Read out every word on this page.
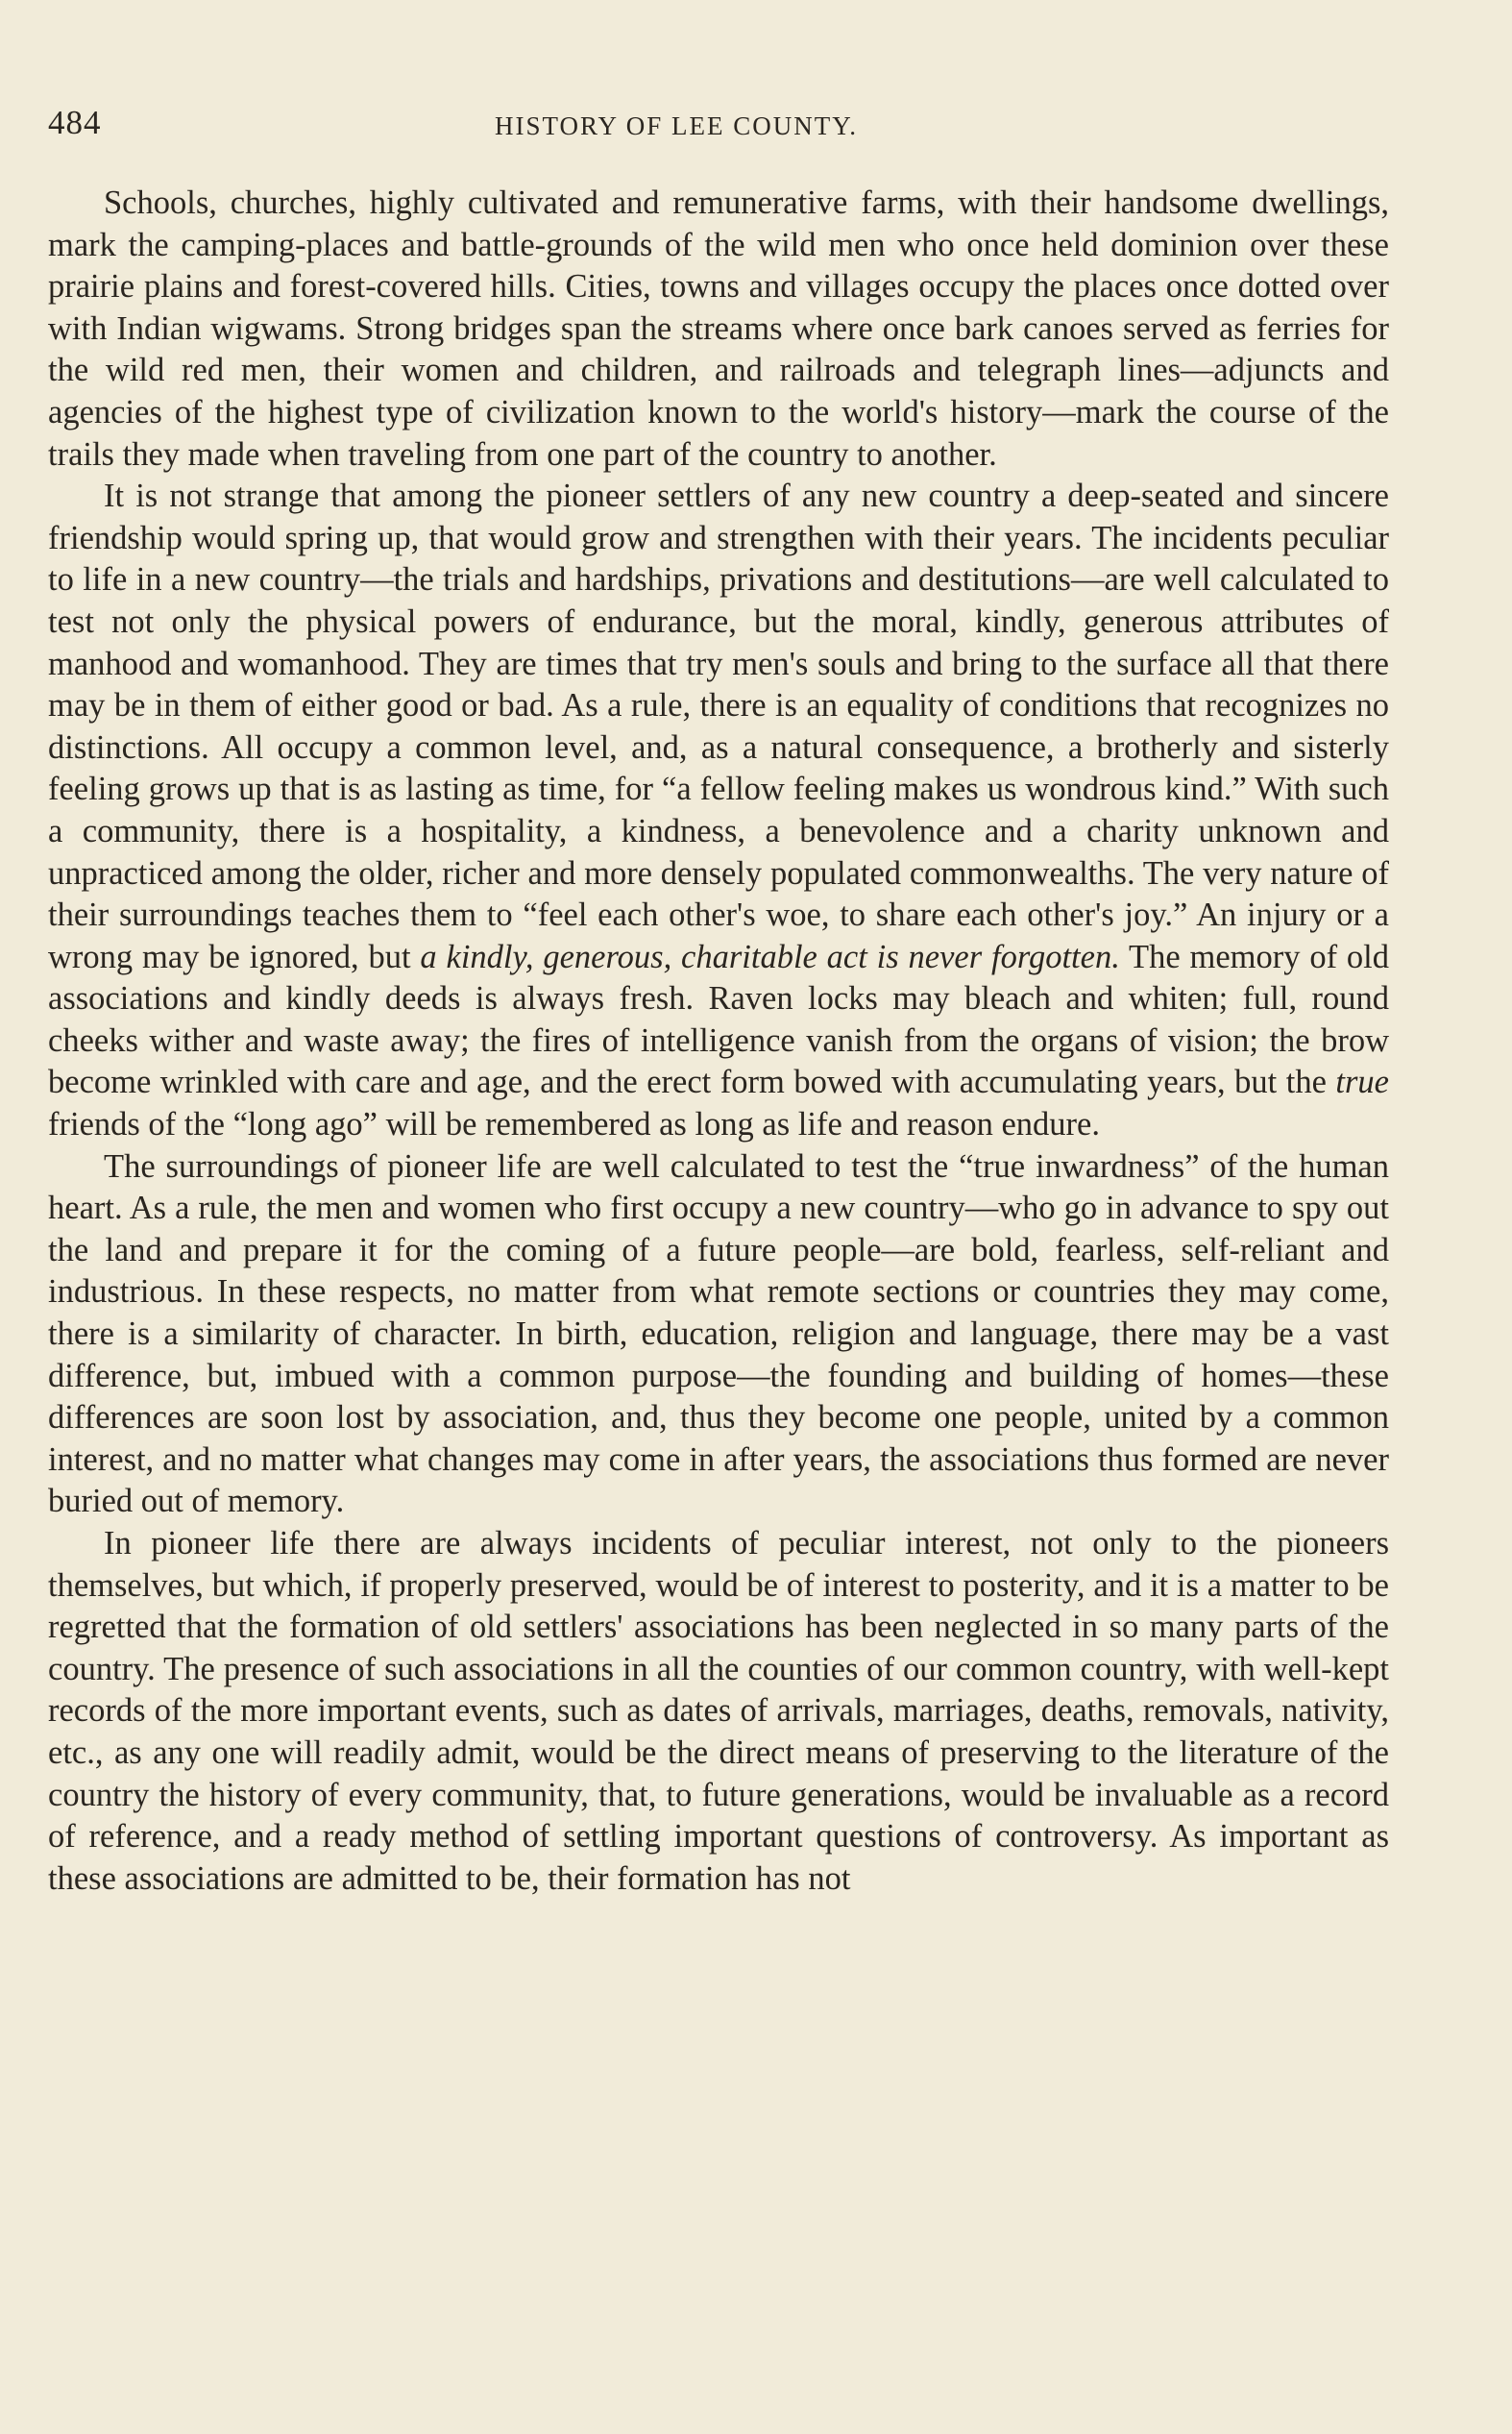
484	HISTORY OF LEE COUNTY.

Schools, churches, highly cultivated and remunerative farms, with their handsome dwellings, mark the camping-places and battle-grounds of the wild men who once held dominion over these prairie plains and forest-covered hills. Cities, towns and villages occupy the places once dotted over with Indian wigwams. Strong bridges span the streams where once bark canoes served as ferries for the wild red men, their women and children, and railroads and telegraph lines—adjuncts and agencies of the highest type of civilization known to the world's history—mark the course of the trails they made when traveling from one part of the country to another.

It is not strange that among the pioneer settlers of any new country a deep-seated and sincere friendship would spring up, that would grow and strengthen with their years. The incidents peculiar to life in a new country—the trials and hardships, privations and destitutions—are well calculated to test not only the physical powers of endurance, but the moral, kindly, generous attributes of manhood and womanhood. They are times that try men's souls and bring to the surface all that there may be in them of either good or bad. As a rule, there is an equality of conditions that recognizes no distinctions. All occupy a common level, and, as a natural consequence, a brotherly and sisterly feeling grows up that is as lasting as time, for “a fellow feeling makes us wondrous kind.” With such a community, there is a hospitality, a kindness, a benevolence and a charity unknown and unpracticed among the older, richer and more densely populated commonwealths. The very nature of their surroundings teaches them to “feel each other's woe, to share each other's joy.” An injury or a wrong may be ignored, but a kindly, generous, charitable act is never forgotten. The memory of old associations and kindly deeds is always fresh. Raven locks may bleach and whiten; full, round cheeks wither and waste away; the fires of intelligence vanish from the organs of vision; the brow become wrinkled with care and age, and the erect form bowed with accumulating years, but the true friends of the “long ago” will be remembered as long as life and reason endure.

The surroundings of pioneer life are well calculated to test the “true inwardness” of the human heart. As a rule, the men and women who first occupy a new country—who go in advance to spy out the land and prepare it for the coming of a future people—are bold, fearless, self-reliant and industrious. In these respects, no matter from what remote sections or countries they may come, there is a similarity of character. In birth, education, religion and language, there may be a vast difference, but, imbued with a common purpose—the founding and building of homes—these differences are soon lost by association, and, thus they become one people, united by a common interest, and no matter what changes may come in after years, the associations thus formed are never buried out of memory.

In pioneer life there are always incidents of peculiar interest, not only to the pioneers themselves, but which, if properly preserved, would be of interest to posterity, and it is a matter to be regretted that the formation of old settlers' associations has been neglected in so many parts of the country. The presence of such associations in all the counties of our common country, with well-kept records of the more important events, such as dates of arrivals, marriages, deaths, removals, nativity, etc., as any one will readily admit, would be the direct means of preserving to the literature of the country the history of every community, that, to future generations, would be invaluable as a record of reference, and a ready method of settling important questions of controversy. As important as these associations are admitted to be, their formation has not
